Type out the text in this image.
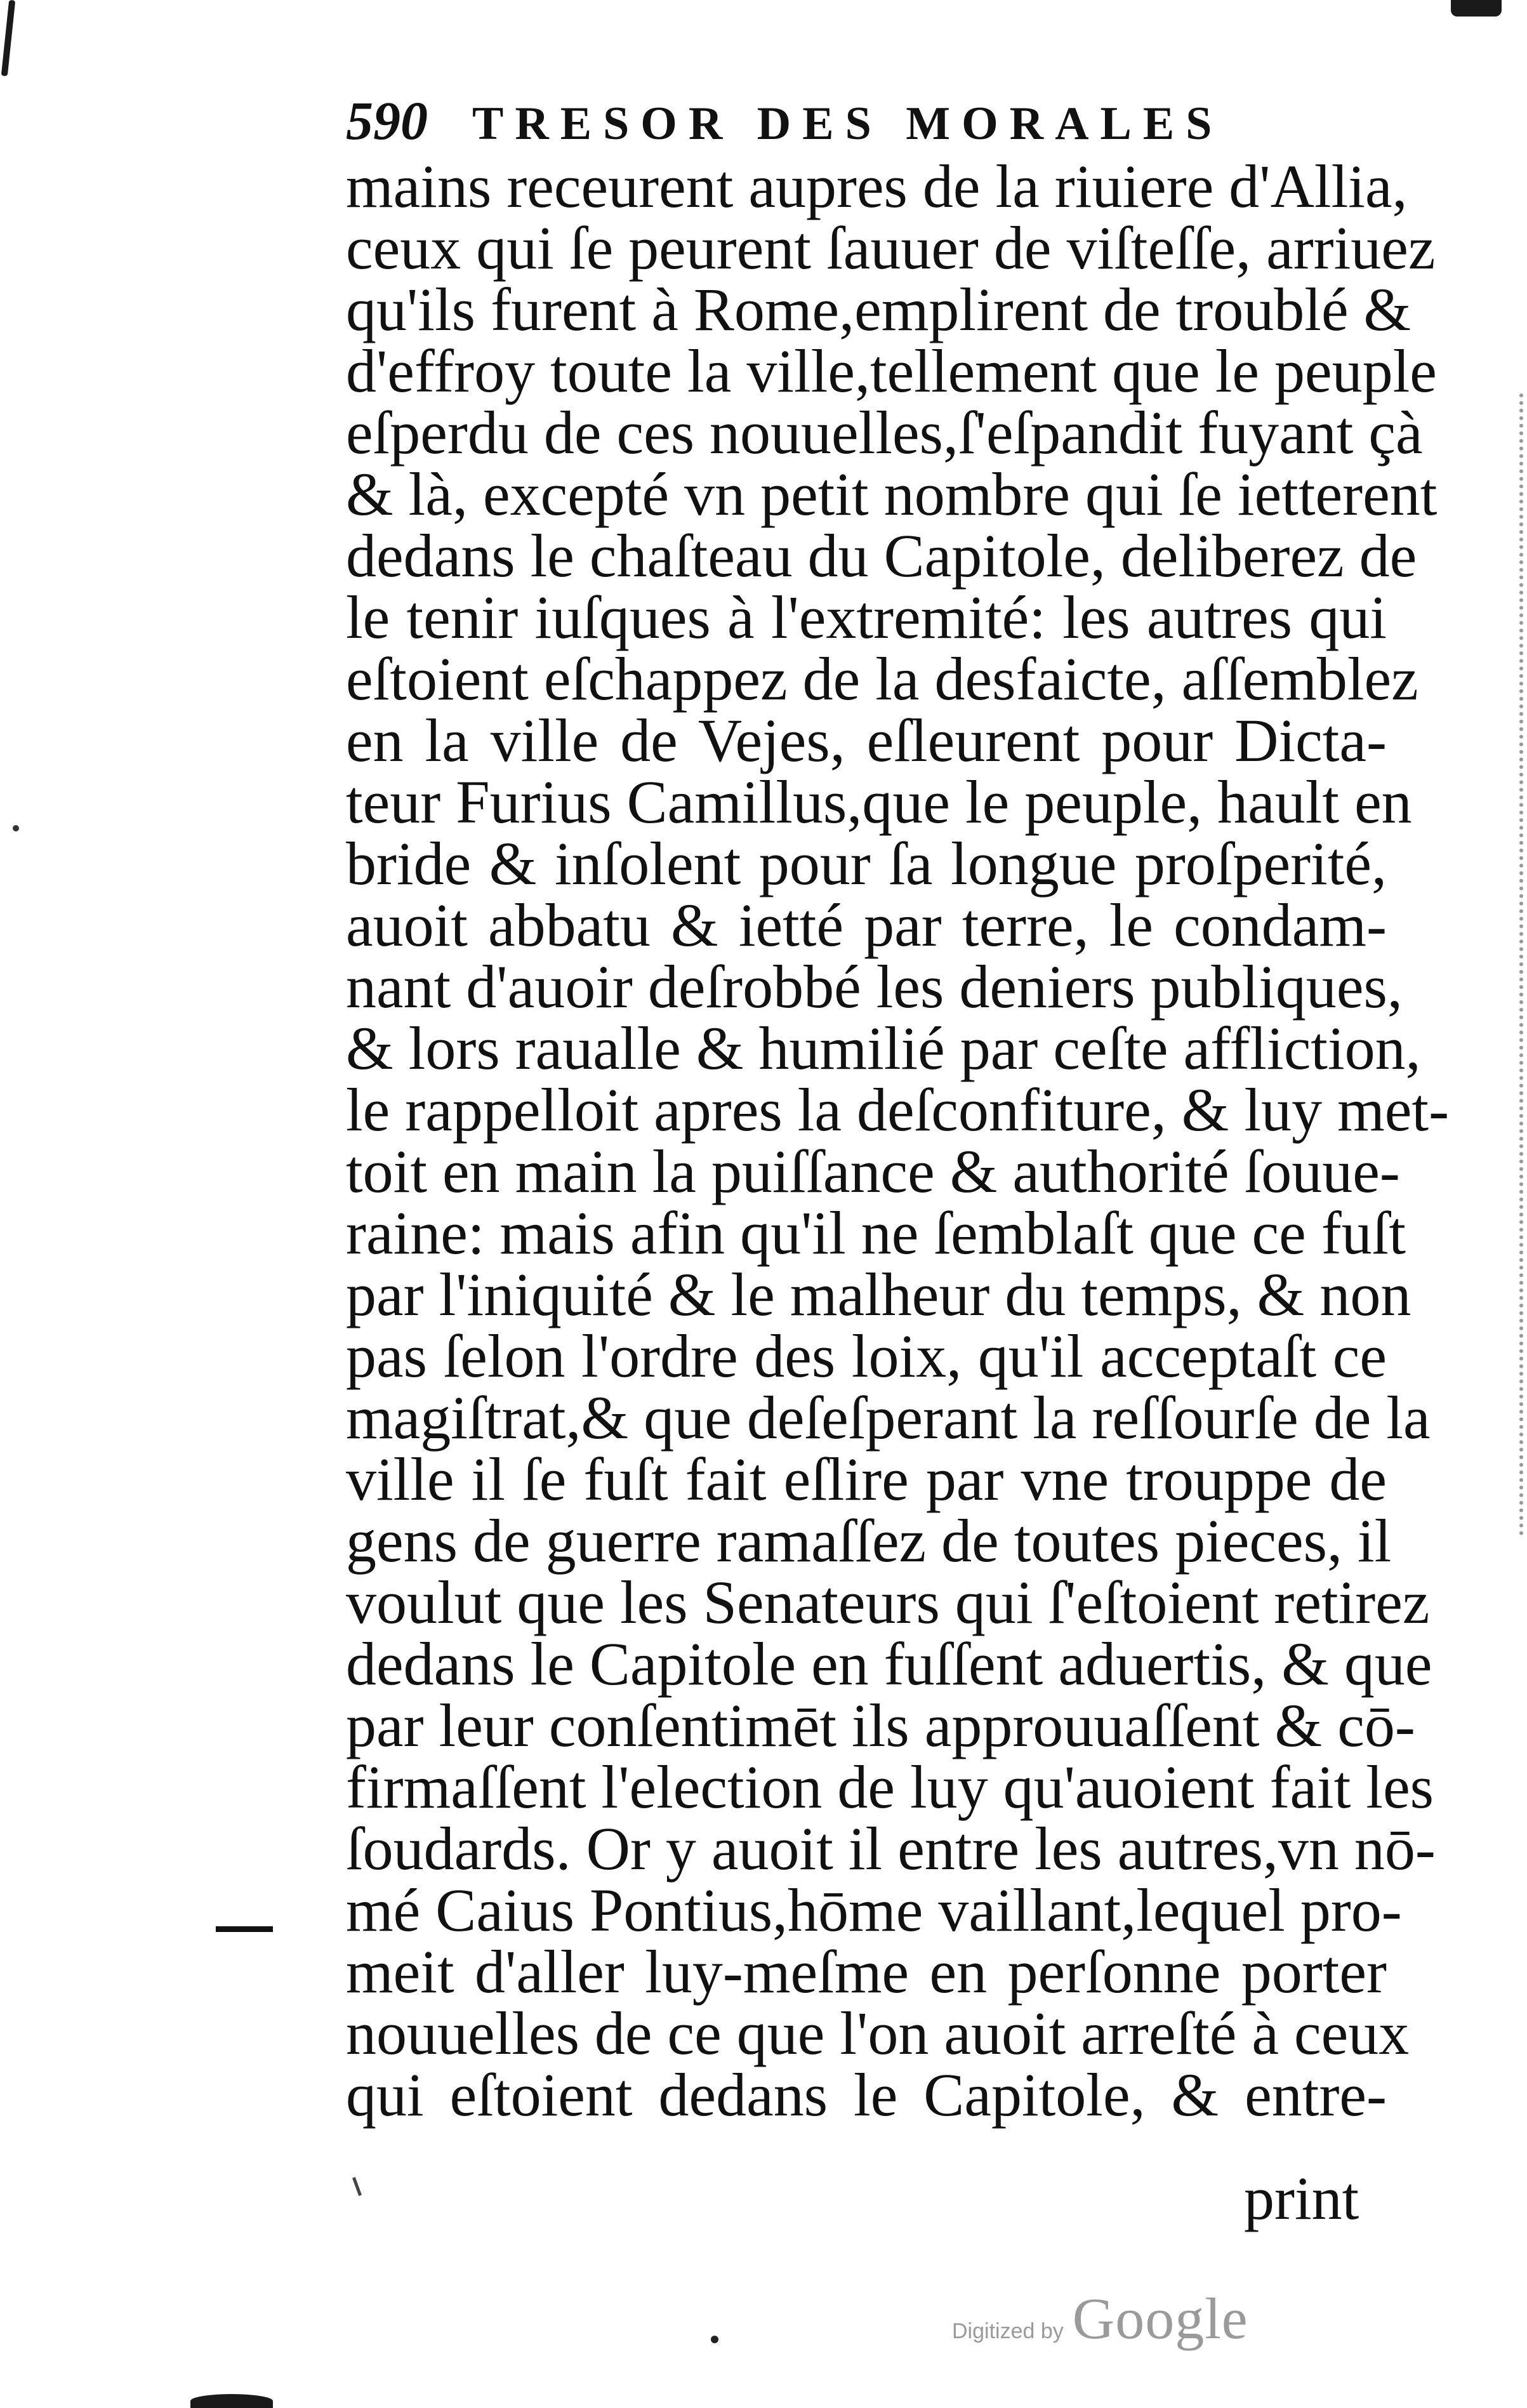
590 TRESOR DES MORALES
mains receurent aupres de la riuiere d'Allia,
ceux qui ſe peurent ſauuer de viſteſſe, arriuez
qu'ils furent à Rome,emplirent de troublé &
d'effroy toute la ville,tellement que le peuple
eſperdu de ces nouuelles,ſ'eſpandit fuyant çà
& là, excepté vn petit nombre qui ſe ietterent
dedans le chaſteau du Capitole, deliberez de
le tenir iuſques à l'extremité: les autres qui
eſtoient eſchappez de la desfaicte, aſſemblez
en la ville de Vejes, eſleurent pour Dicta-
teur Furius Camillus,que le peuple, hault en
bride & inſolent pour ſa longue proſperité,
auoit abbatu & ietté par terre, le condam-
nant d'auoir deſrobbé les deniers publiques,
& lors raualle & humilié par ceſte affliction,
le rappelloit apres la deſconfiture, & luy met-
toit en main la puiſſance & authorité ſouue-
raine: mais afin qu'il ne ſemblaſt que ce fuſt
par l'iniquité & le malheur du temps, & non
pas ſelon l'ordre des loix, qu'il acceptaſt ce
magiſtrat,& que deſeſperant la reſſourſe de la
ville il ſe fuſt fait eſlire par vne trouppe de
gens de guerre ramaſſez de toutes pieces, il
voulut que les Senateurs qui ſ'eſtoient retirez
dedans le Capitole en fuſſent aduertis, & que
par leur conſentimēt ils approuuaſſent & cō-
firmaſſent l'election de luy qu'auoient fait les
ſoudards. Or y auoit il entre les autres,vn nō-
mé Caius Pontius,hōme vaillant,lequel pro-
meit d'aller luy-meſme en perſonne porter
nouuelles de ce que l'on auoit arreſté à ceux
qui eſtoient dedans le Capitole, & entre-
print
Digitized by Google
